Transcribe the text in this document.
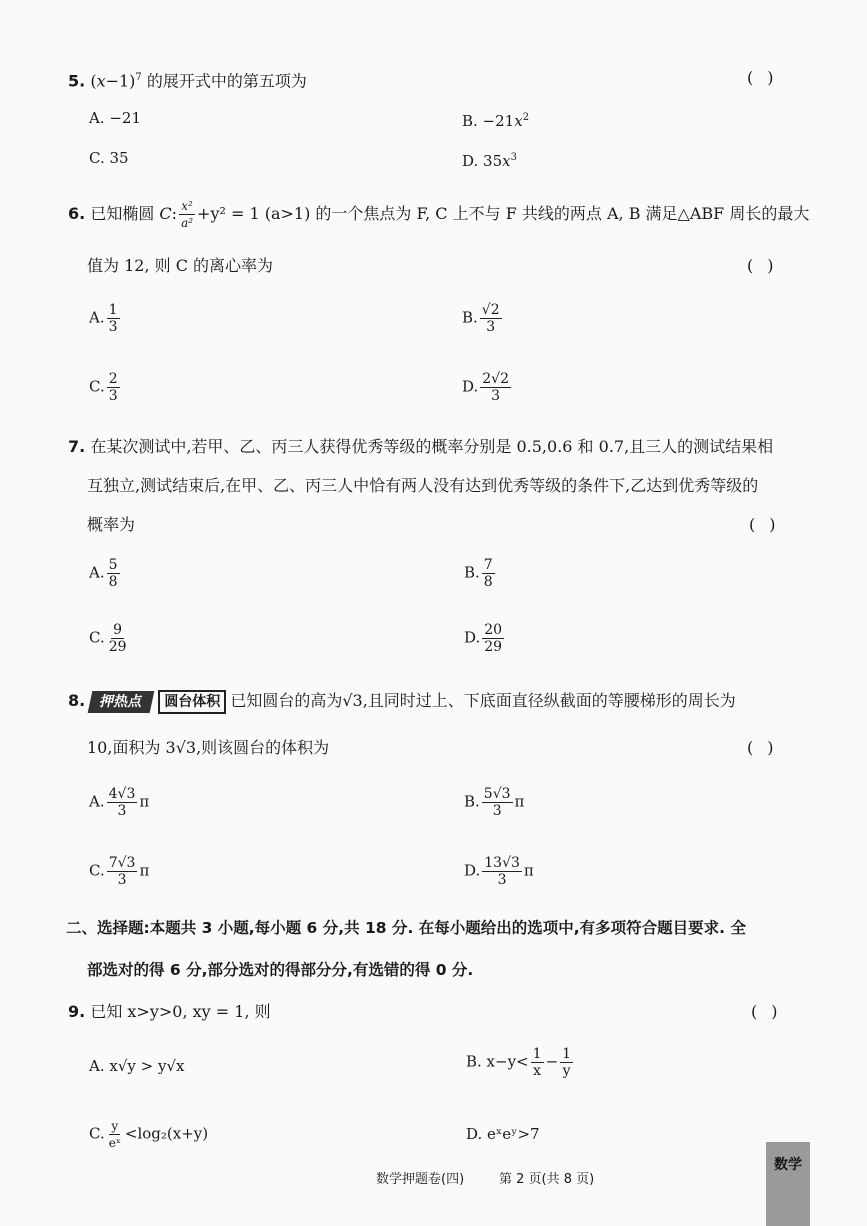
5. $(x-1)^7$ 的展开式中的第五项为	()
A. −21	B. $-21x^2$
C. 35	D. $35x^3$
6. 已知椭圆 C: $\frac{\text{x²}}{\text{a²}} +y^2 = 1$ (a>1) 的一个焦点为 F, C 上不与 F 共线的两点 A, B 满足△ABF 周长的最大
值为 12, 则 C 的离心率为	()
A. $\frac{1}{3}$	B. $\frac{√2}{3}$
C. $\frac{2}{3}$	D. $\frac{2√2}{3}$
7. 在某次测试中,若甲、乙、丙三人获得优秀等级的概率分别是 0.5,0.6 和 0.7,且三人的测试结果相
互独立,测试结束后,在甲、乙、丙三人中恰有两人没有达到优秀等级的条件下,乙达到优秀等级的
概率为	()
A. $\frac{5}{8}$	B. $\frac{7}{8}$
C. $\frac{9}{29}$	D. $\frac{20}{29}$
8. 押热点 圆台体积 已知圆台的高为√3,且同时过上、下底面直径纵截面的等腰梯形的周长为
10,面积为 3√3,则该圆台的体积为	()
A. $\frac{4√3}{3}$ π	B. $\frac{5√3}{3}$ π
C. $\frac{7√3}{3}$ π	D. $\frac{13√3}{3}$ π
二、选择题:本题共 3 小题,每小题 6 分,共 18 分. 在每小题给出的选项中,有多项符合题目要求. 全
部选对的得 6 分,部分选对的得部分分,有选错的得 0 分.
9. 已知 x>y>0, xy = 1, 则	()
A. x√y > y√x	B. $x-y< \frac{1}{x} - \frac{1}{y}$
C. $\frac{y}{\text{eˣ}} <\log_2(x+y)$	D. eˣeʸ>7
数学押题卷(四)	第 2 页(共 8 页)
数学
